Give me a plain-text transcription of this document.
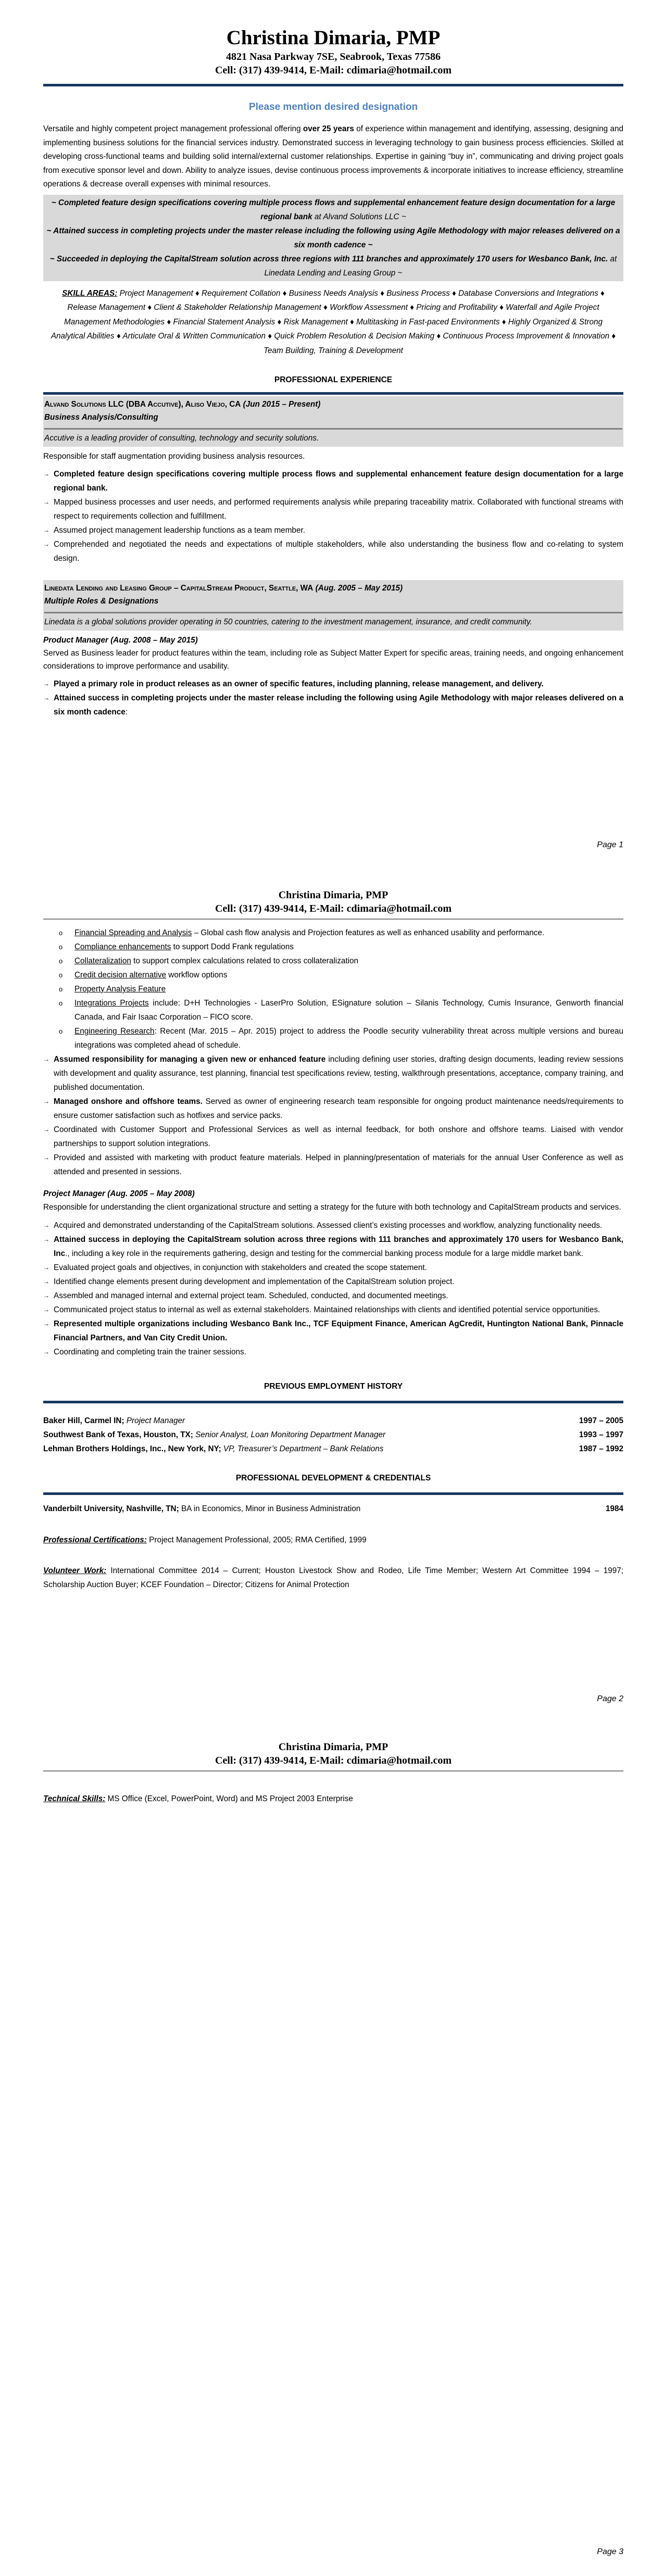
Christina Dimaria, PMP
4821 Nasa Parkway 7SE, Seabrook, Texas 77586
Cell: (317) 439-9414, E-Mail: cdimaria@hotmail.com
Please mention desired designation

Versatile and highly competent project management professional offering over 25 years of experience within management and identifying, assessing, designing and implementing business solutions for the financial services industry. Demonstrated success in leveraging technology to gain business process efficiencies. Skilled at developing cross-functional teams and building solid internal/external customer relationships. Expertise in gaining “buy in”, communicating and driving project goals from executive sponsor level and down. Ability to analyze issues, devise continuous process improvements & incorporate initiatives to increase efficiency, streamline operations & decrease overall expenses with minimal resources.

~ Completed feature design specifications covering multiple process flows and supplemental enhancement feature design documentation for a large regional bank at Alvand Solutions LLC ~
~ Attained success in completing projects under the master release including the following using Agile Methodology with major releases delivered on a six month cadence ~
~ Succeeded in deploying the CapitalStream solution across three regions with 111 branches and approximately 170 users for Wesbanco Bank, Inc. at Linedata Lending and Leasing Group ~

SKILL AREAS: Project Management ♦ Requirement Collation ♦ Business Needs Analysis ♦ Business Process ♦ Database Conversions and Integrations ♦ Release Management ♦ Client & Stakeholder Relationship Management ♦ Workflow Assessment ♦ Pricing and Profitability ♦ Waterfall and Agile Project Management Methodologies ♦ Financial Statement Analysis ♦ Risk Management ♦ Multitasking in Fast-paced Environments ♦ Highly Organized & Strong Analytical Abilities ♦ Articulate Oral & Written Communication ♦ Quick Problem Resolution & Decision Making ♦ Continuous Process Improvement & Innovation ♦ Team Building, Training & Development

PROFESSIONAL EXPERIENCE
Alvand Solutions LLC (DBA Accutive), Aliso Viejo, CA (Jun 2015 – Present)
Business Analysis/Consulting
Accutive is a leading provider of consulting, technology and security solutions.

Responsible for staff augmentation providing business analysis resources.

→ Completed feature design specifications covering multiple process flows and supplemental enhancement feature design documentation for a large regional bank.
→ Mapped business processes and user needs, and performed requirements analysis while preparing traceability matrix. Collaborated with functional streams with respect to requirements collection and fulfillment.
→ Assumed project management leadership functions as a team member.
→ Comprehended and negotiated the needs and expectations of multiple stakeholders, while also understanding the business flow and co-relating to system design.
Linedata Lending and Leasing Group – CapitalStream Product, Seattle, WA (Aug. 2005 – May 2015)
Multiple Roles & Designations
Linedata is a global solutions provider operating in 50 countries, catering to the investment management, insurance, and credit community.
Product Manager (Aug. 2008 – May 2015)

Served as Business leader for product features within the team, including role as Subject Matter Expert for specific areas, training needs, and ongoing enhancement considerations to improve performance and usability.

→ Played a primary role in product releases as an owner of specific features, including planning, release management, and delivery.
→ Attained success in completing projects under the master release including the following using Agile Methodology with major releases delivered on a six month cadence:
Page 1
Christina Dimaria, PMP
Cell: (317) 439-9414, E-Mail: cdimaria@hotmail.com
o Financial Spreading and Analysis – Global cash flow analysis and Projection features as well as enhanced usability and performance.
o Compliance enhancements to support Dodd Frank regulations
o Collateralization to support complex calculations related to cross collateralization
o Credit decision alternative workflow options
o Property Analysis Feature
o Integrations Projects include: D+H Technologies - LaserPro Solution, ESignature solution – Silanis Technology, Cumis Insurance, Genworth financial Canada, and Fair Isaac Corporation – FICO score.
o Engineering Research: Recent (Mar. 2015 – Apr. 2015) project to address the Poodle security vulnerability threat across multiple versions and bureau integrations was completed ahead of schedule.
→ Assumed responsibility for managing a given new or enhanced feature including defining user stories, drafting design documents, leading review sessions with development and quality assurance, test planning, financial test specifications review, testing, walkthrough presentations, acceptance, company training, and published documentation.
→ Managed onshore and offshore teams. Served as owner of engineering research team responsible for ongoing product maintenance needs/requirements to ensure customer satisfaction such as hotfixes and service packs.
→ Coordinated with Customer Support and Professional Services as well as internal feedback, for both onshore and offshore teams. Liaised with vendor partnerships to support solution integrations.
→ Provided and assisted with marketing with product feature materials. Helped in planning/presentation of materials for the annual User Conference as well as attended and presented in sessions.
Project Manager (Aug. 2005 – May 2008)

Responsible for understanding the client organizational structure and setting a strategy for the future with both technology and CapitalStream products and services.

→ Acquired and demonstrated understanding of the CapitalStream solutions. Assessed client’s existing processes and workflow, analyzing functionality needs.
→ Attained success in deploying the CapitalStream solution across three regions with 111 branches and approximately 170 users for Wesbanco Bank, Inc., including a key role in the requirements gathering, design and testing for the commercial banking process module for a large middle market bank.
→ Evaluated project goals and objectives, in conjunction with stakeholders and created the scope statement.
→ Identified change elements present during development and implementation of the CapitalStream solution project.
→ Assembled and managed internal and external project team. Scheduled, conducted, and documented meetings.
→ Communicated project status to internal as well as external stakeholders. Maintained relationships with clients and identified potential service opportunities.
→ Represented multiple organizations including Wesbanco Bank Inc., TCF Equipment Finance, American AgCredit, Huntington National Bank, Pinnacle Financial Partners, and Van City Credit Union.
→ Coordinating and completing train the trainer sessions.
PREVIOUS EMPLOYMENT HISTORY
Baker Hill, Carmel IN; Project Manager	1997 – 2005
Southwest Bank of Texas, Houston, TX; Senior Analyst, Loan Monitoring Department Manager	1993 – 1997
Lehman Brothers Holdings, Inc., New York, NY; VP, Treasurer’s Department – Bank Relations	1987 – 1992
PROFESSIONAL DEVELOPMENT & CREDENTIALS
Vanderbilt University, Nashville, TN; BA in Economics, Minor in Business Administration	1984

Professional Certifications: Project Management Professional, 2005; RMA Certified, 1999

Volunteer Work: International Committee 2014 – Current; Houston Livestock Show and Rodeo, Life Time Member; Western Art Committee 1994 – 1997; Scholarship Auction Buyer; KCEF Foundation – Director; Citizens for Animal Protection

Page 2
Christina Dimaria, PMP
Cell: (317) 439-9414, E-Mail: cdimaria@hotmail.com

Technical Skills: MS Office (Excel, PowerPoint, Word) and MS Project 2003 Enterprise

Page 3
